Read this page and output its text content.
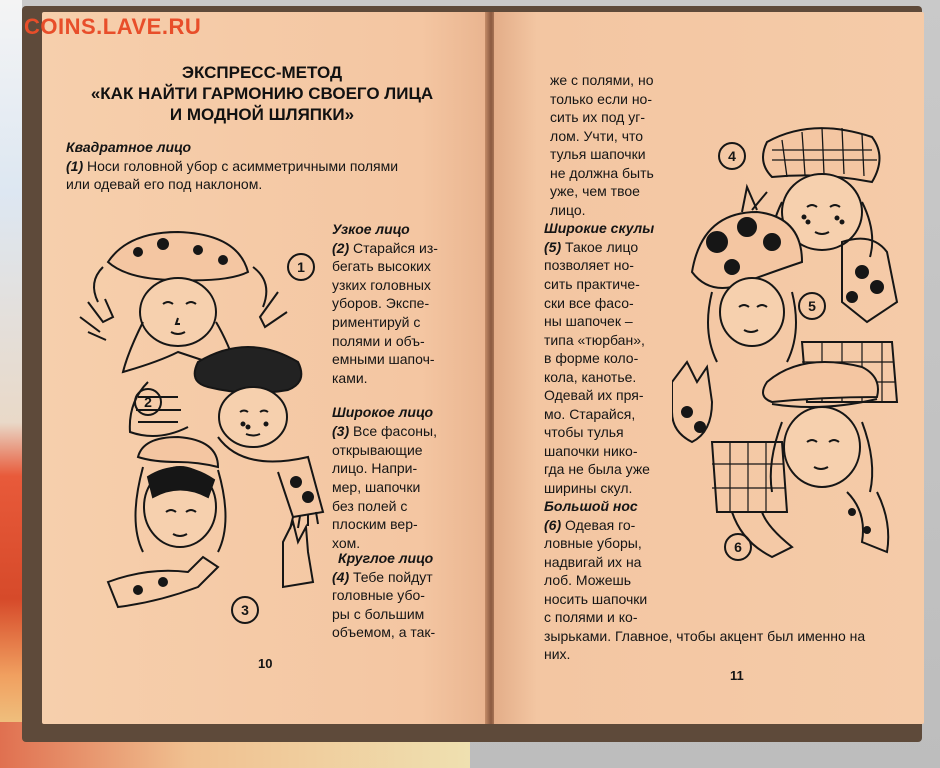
ЭКСПРЕСС-МЕТОД
«КАК НАЙТИ ГАРМОНИЮ СВОЕГО ЛИЦА
И МОДНОЙ ШЛЯПКИ»
Квадратное лицо
(1) Носи головной убор с асимметричными полями
или одевай его под наклоном.
1
2
3
Узкое лицо
(2) Старайся из-
бегать высоких
узких головных
уборов. Экспе-
риментируй с
полями и объ-
емными шапоч-
ками.
Широкое лицо
(3) Все фасоны,
открывающие
лицо. Напри-
мер, шапочки
без полей с
плоским вер-
хом.
Круглое лицо
(4) Тебе пойдут
головные убо-
ры с большим
объемом, а так-
10
же с полями, но
только если но-
сить их под уг-
лом. Учти, что
тулья шапочки
не должна быть
уже, чем твое
лицо.
Широкие скулы
(5) Такое лицо
позволяет но-
сить практиче-
ски все фасо-
ны шапочек –
типа «тюрбан»,
в форме коло-
кола, канотье.
Одевай их пря-
мо. Старайся,
чтобы тулья
шапочки нико-
гда не была уже
ширины скул.
Большой нос
(6) Одевая го-
ловные уборы,
надвигай их на
лоб. Можешь
носить шапочки
с полями и ко-
зырьками. Главное, чтобы акцент был именно на
них.
11
4
5
6
COINS.LAVE.RU
